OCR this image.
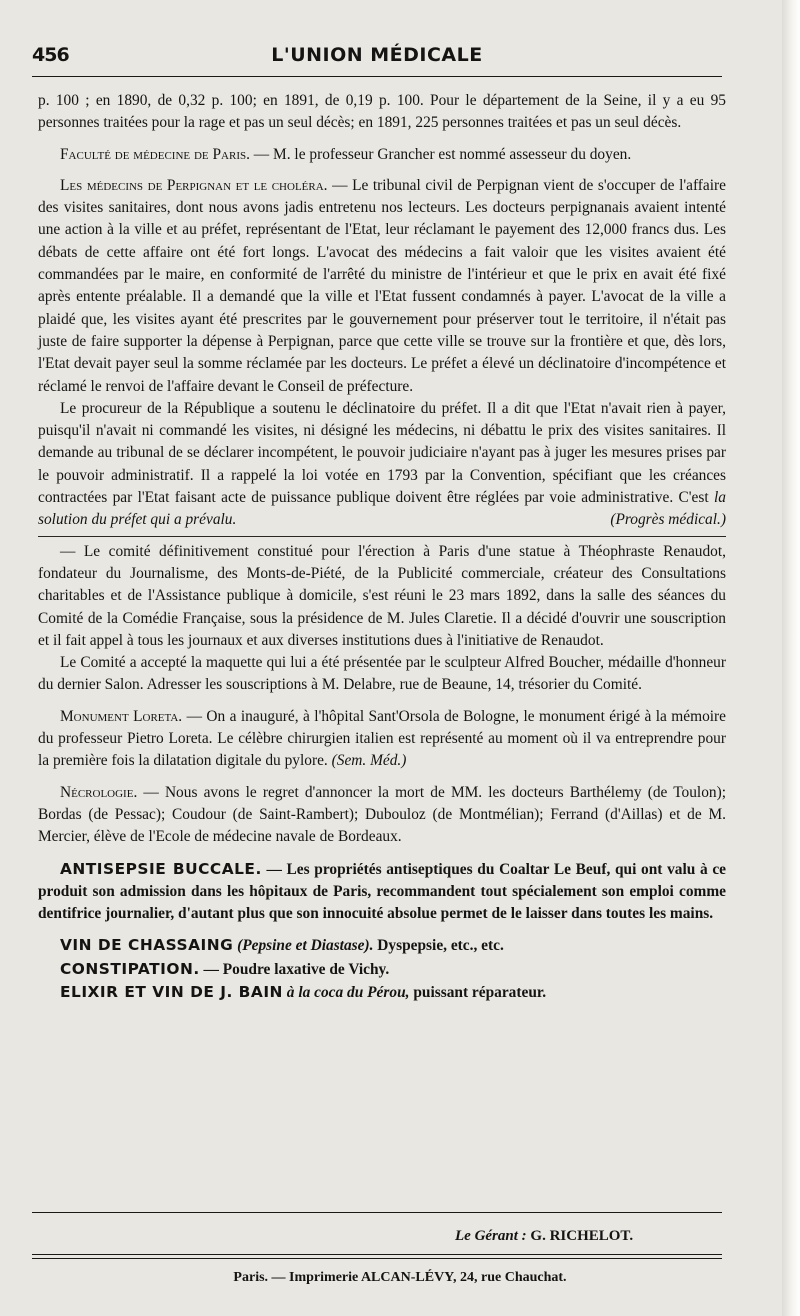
456	L'UNION MÉDICALE

p. 100 ; en 1890, de 0,32 p. 100; en 1891, de 0,19 p. 100. Pour le département de la Seine, il y a eu 95 personnes traitées pour la rage et pas un seul décès; en 1891, 225 personnes traitées et pas un seul décès.

Faculté de médecine de Paris. — M. le professeur Grancher est nommé assesseur du doyen.

Les médecins de Perpignan et le choléra. — Le tribunal civil de Perpignan vient de s'occuper de l'affaire des visites sanitaires, dont nous avons jadis entretenu nos lecteurs. Les docteurs perpignanais avaient intenté une action à la ville et au préfet, représentant de l'Etat, leur réclamant le payement des 12,000 francs dus. Les débats de cette affaire ont été fort longs. L'avocat des médecins a fait valoir que les visites avaient été commandées par le maire, en conformité de l'arrêté du ministre de l'intérieur et que le prix en avait été fixé après entente préalable. Il a demandé que la ville et l'Etat fussent condamnés à payer. L'avocat de la ville a plaidé que, les visites ayant été prescrites par le gouvernement pour préserver tout le territoire, il n'était pas juste de faire supporter la dépense à Perpignan, parce que cette ville se trouve sur la frontière et que, dès lors, l'Etat devait payer seul la somme réclamée par les docteurs. Le préfet a élevé un déclinatoire d'incompétence et réclamé le renvoi de l'affaire devant le Conseil de préfecture.

Le procureur de la République a soutenu le déclinatoire du préfet. Il a dit que l'Etat n'avait rien à payer, puisqu'il n'avait ni commandé les visites, ni désigné les médecins, ni débattu le prix des visites sanitaires. Il demande au tribunal de se déclarer incompétent, le pouvoir judiciaire n'ayant pas à juger les mesures prises par le pouvoir administratif. Il a rappelé la loi votée en 1793 par la Convention, spécifiant que les créances contractées par l'Etat faisant acte de puissance publique doivent être réglées par voie administrative. C'est la solution du préfet qui a prévalu.	(Progrès médical.)

— Le comité définitivement constitué pour l'érection à Paris d'une statue à Théophraste Renaudot, fondateur du Journalisme, des Monts-de-Piété, de la Publicité commerciale, créateur des Consultations charitables et de l'Assistance publique à domicile, s'est réuni le 23 mars 1892, dans la salle des séances du Comité de la Comédie Française, sous la présidence de M. Jules Claretie. Il a décidé d'ouvrir une souscription et il fait appel à tous les journaux et aux diverses institutions dues à l'initiative de Renaudot.

Le Comité a accepté la maquette qui lui a été présentée par le sculpteur Alfred Boucher, médaille d'honneur du dernier Salon. Adresser les souscriptions à M. Delabre, rue de Beaune, 14, trésorier du Comité.

Monument Loreta. — On a inauguré, à l'hôpital Sant'Orsola de Bologne, le monument érigé à la mémoire du professeur Pietro Loreta. Le célèbre chirurgien italien est représenté au moment où il va entreprendre pour la première fois la dilatation digitale du pylore. (Sem. Méd.)

Nécrologie. — Nous avons le regret d'annoncer la mort de MM. les docteurs Barthélemy (de Toulon); Bordas (de Pessac); Coudour (de Saint-Rambert); Dubouloz (de Montmélian); Ferrand (d'Aillas) et de M. Mercier, élève de l'Ecole de médecine navale de Bordeaux.

ANTISEPSIE BUCCALE. — Les propriétés antiseptiques du Coaltar Le Beuf, qui ont valu à ce produit son admission dans les hôpitaux de Paris, recommandent tout spécialement son emploi comme dentifrice journalier, d'autant plus que son innocuité absolue permet de le laisser dans toutes les mains.

VIN DE CHASSAING (Pepsine et Diastase). Dyspepsie, etc., etc.

CONSTIPATION. — Poudre laxative de Vichy.

ELIXIR ET VIN DE J. BAIN à la coca du Pérou, puissant réparateur.

Le Gérant : G. RICHELOT.
Paris. — Imprimerie ALCAN-LÉVY, 24, rue Chauchat.
